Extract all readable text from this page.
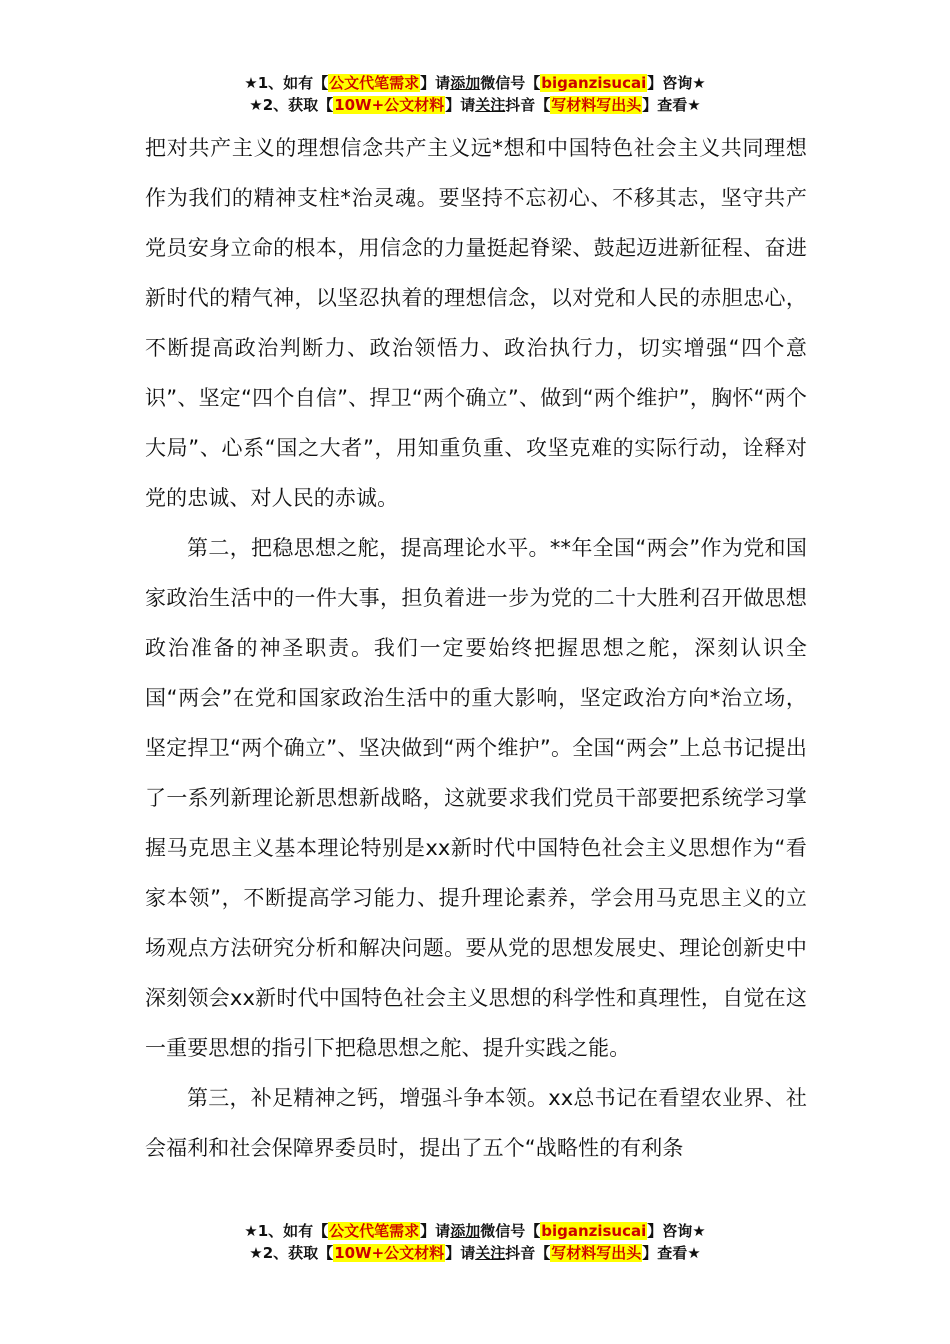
★1、如有【公文代笔需求】请添加微信号【biganzisucai】咨询★
★2、获取【10W+公文材料】请关注抖音【写材料写出头】查看★

把对共产主义的理想信念共产主义远*想和中国特色社会主义共同理想作为我们的精神支柱*治灵魂。要坚持不忘初心、不移其志，坚守共产党员安身立命的根本，用信念的力量挺起脊梁、鼓起迈进新征程、奋进新时代的精气神，以坚忍执着的理想信念，以对党和人民的赤胆忠心，不断提高政治判断力、政治领悟力、政治执行力，切实增强“四个意识”、坚定“四个自信”、捍卫“两个确立”、做到“两个维护”，胸怀“两个大局”、心系“国之大者”，用知重负重、攻坚克难的实际行动，诠释对党的忠诚、对人民的赤诚。

第二，把稳思想之舵，提高理论水平。**年全国“两会”作为党和国家政治生活中的一件大事，担负着进一步为党的二十大胜利召开做思想政治准备的神圣职责。我们一定要始终把握思想之舵，深刻认识全国“两会”在党和国家政治生活中的重大影响，坚定政治方向*治立场，坚定捍卫“两个确立”、坚决做到“两个维护”。全国“两会”上总书记提出了一系列新理论新思想新战略，这就要求我们党员干部要把系统学习掌握马克思主义基本理论特别是xx新时代中国特色社会主义思想作为“看家本领”，不断提高学习能力、提升理论素养，学会用马克思主义的立场观点方法研究分析和解决问题。要从党的思想发展史、理论创新史中深刻领会xx新时代中国特色社会主义思想的科学性和真理性，自觉在这一重要思想的指引下把稳思想之舵、提升实践之能。

第三，补足精神之钙，增强斗争本领。xx总书记在看望农业界、社会福利和社会保障界委员时，提出了五个“战略性的有利条

★1、如有【公文代笔需求】请添加微信号【biganzisucai】咨询★
★2、获取【10W+公文材料】请关注抖音【写材料写出头】查看★
